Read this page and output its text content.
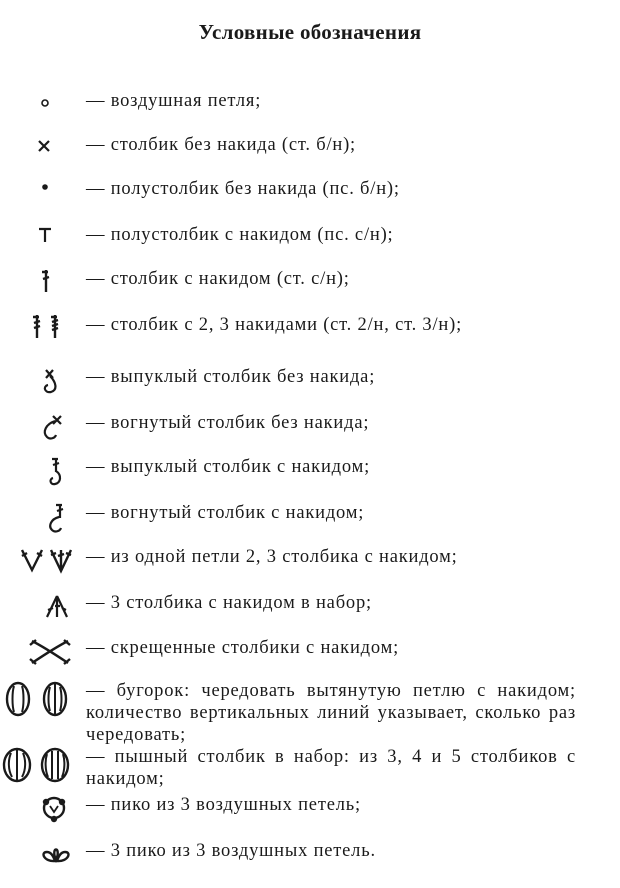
Условные обозначения
— воздушная петля;
— столбик без накида (ст. б/н);
— полустолбик без накида (пс. б/н);
— полустолбик с накидом (пс. с/н);
— столбик с накидом (ст. с/н);
— столбик с 2, 3 накидами (ст. 2/н, ст. 3/н);
— выпуклый столбик без накида;
— вогнутый столбик без накида;
— выпуклый столбик с накидом;
— вогнутый столбик с накидом;
— из одной петли 2, 3 столбика с накидом;
— 3 столбика с накидом в набор;
— скрещенные столбики с накидом;
— бугорок: чередовать вытянутую петлю с накидом; количество вертикальных линий указывает, сколько раз чередовать;
— пышный столбик в набор: из 3, 4 и 5 столбиков с накидом;
— пико из 3 воздушных петель;
— 3 пико из 3 воздушных петель.
